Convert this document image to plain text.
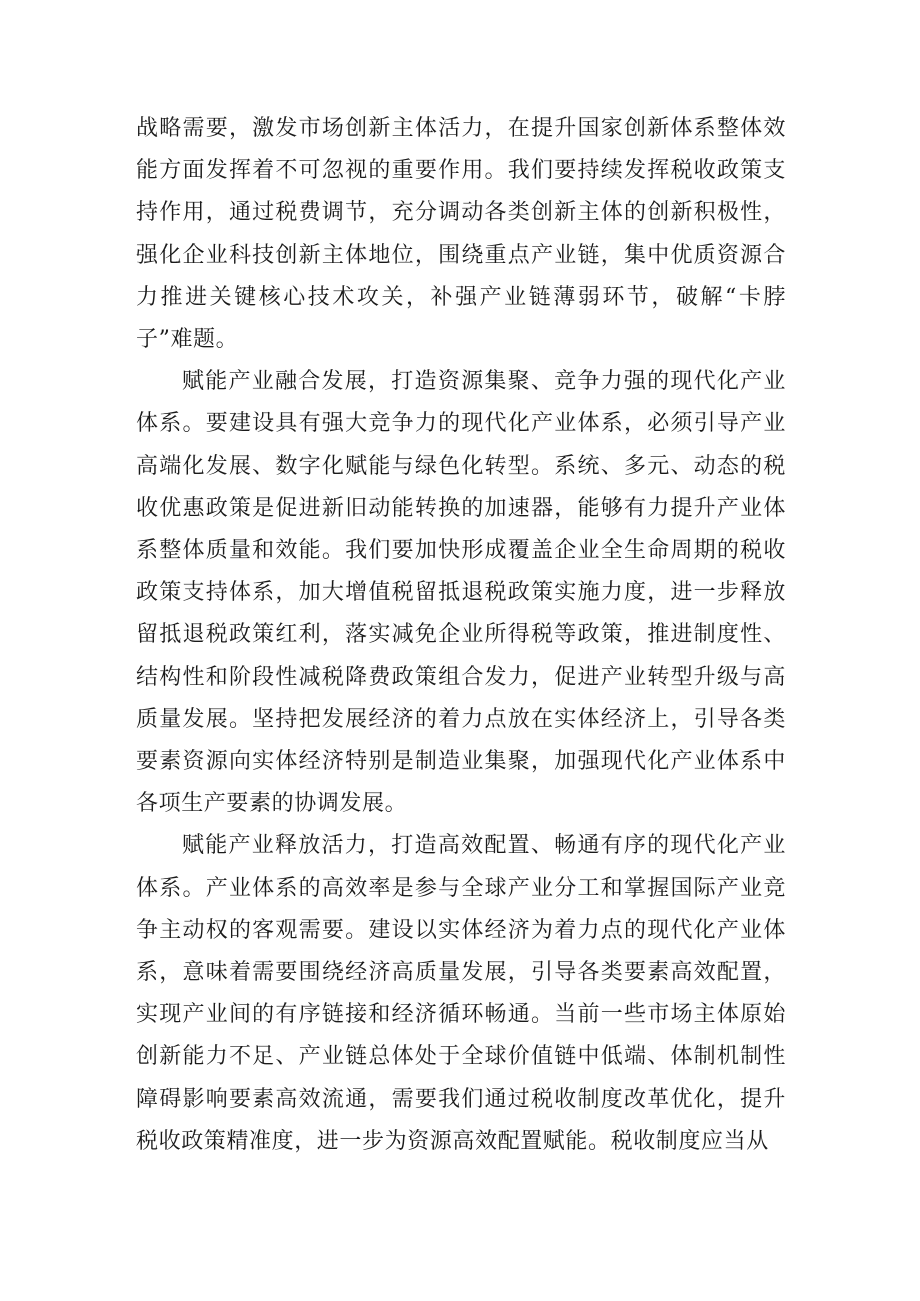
战略需要，激发市场创新主体活力，在提升国家创新体系整体效能方面发挥着不可忽视的重要作用。我们要持续发挥税收政策支持作用，通过税费调节，充分调动各类创新主体的创新积极性，强化企业科技创新主体地位，围绕重点产业链，集中优质资源合力推进关键核心技术攻关，补强产业链薄弱环节，破解“卡脖子”难题。

赋能产业融合发展，打造资源集聚、竞争力强的现代化产业体系。要建设具有强大竞争力的现代化产业体系，必须引导产业高端化发展、数字化赋能与绿色化转型。系统、多元、动态的税收优惠政策是促进新旧动能转换的加速器，能够有力提升产业体系整体质量和效能。我们要加快形成覆盖企业全生命周期的税收政策支持体系，加大增值税留抵退税政策实施力度，进一步释放留抵退税政策红利，落实减免企业所得税等政策，推进制度性、结构性和阶段性减税降费政策组合发力，促进产业转型升级与高质量发展。坚持把发展经济的着力点放在实体经济上，引导各类要素资源向实体经济特别是制造业集聚，加强现代化产业体系中各项生产要素的协调发展。

赋能产业释放活力，打造高效配置、畅通有序的现代化产业体系。产业体系的高效率是参与全球产业分工和掌握国际产业竞争主动权的客观需要。建设以实体经济为着力点的现代化产业体系，意味着需要围绕经济高质量发展，引导各类要素高效配置，实现产业间的有序链接和经济循环畅通。当前一些市场主体原始创新能力不足、产业链总体处于全球价值链中低端、体制机制性障碍影响要素高效流通，需要我们通过税收制度改革优化，提升税收政策精准度，进一步为资源高效配置赋能。税收制度应当从
